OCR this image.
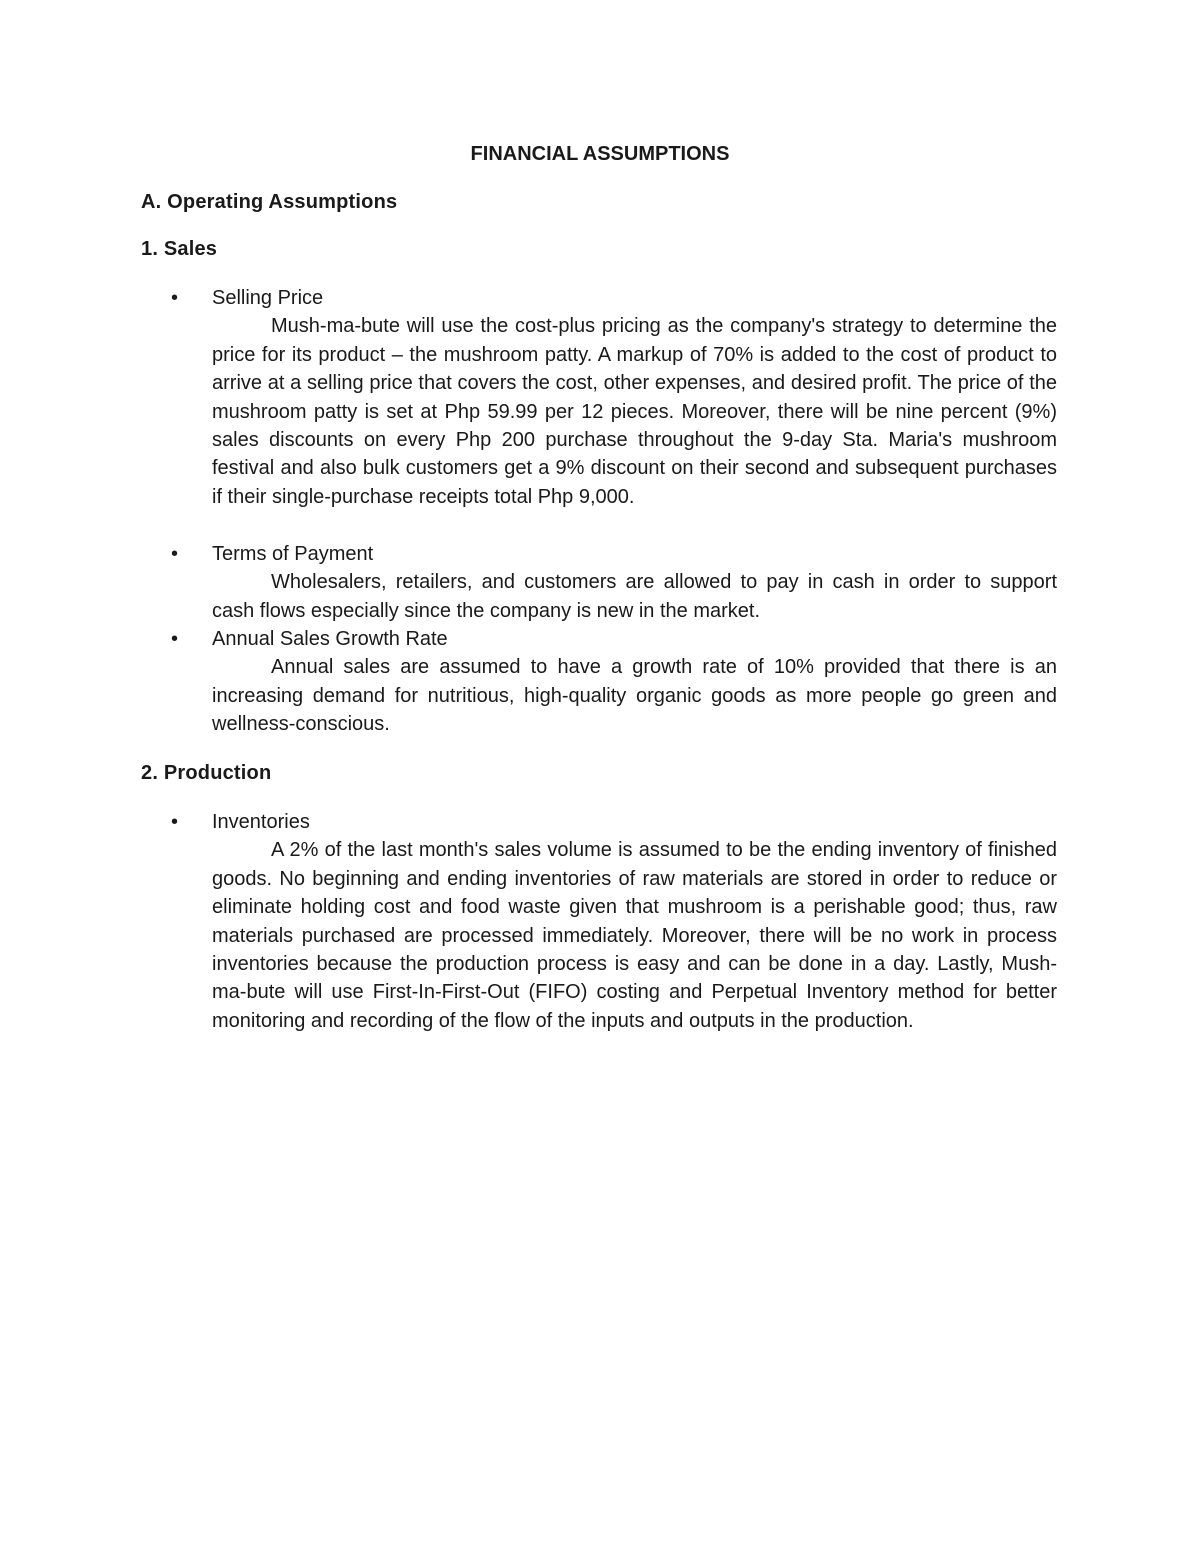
FINANCIAL ASSUMPTIONS
A. Operating Assumptions
1. Sales
•	Selling Price
Mush-ma-bute will use the cost-plus pricing as the company's strategy to determine the price for its product – the mushroom patty. A markup of 70% is added to the cost of product to arrive at a selling price that covers the cost, other expenses, and desired profit. The price of the mushroom patty is set at Php 59.99 per 12 pieces. Moreover, there will be nine percent (9%) sales discounts on every Php 200 purchase throughout the 9-day Sta. Maria's mushroom festival and also bulk customers get a 9% discount on their second and subsequent purchases if their single-purchase receipts total Php 9,000.
•	Terms of Payment
Wholesalers, retailers, and customers are allowed to pay in cash in order to support cash flows especially since the company is new in the market.
•	Annual Sales Growth Rate
Annual sales are assumed to have a growth rate of 10% provided that there is an increasing demand for nutritious, high-quality organic goods as more people go green and wellness-conscious.
2. Production
•	Inventories
A 2% of the last month's sales volume is assumed to be the ending inventory of finished goods. No beginning and ending inventories of raw materials are stored in order to reduce or eliminate holding cost and food waste given that mushroom is a perishable good; thus, raw materials purchased are processed immediately. Moreover, there will be no work in process inventories because the production process is easy and can be done in a day. Lastly, Mush-ma-bute will use First-In-First-Out (FIFO) costing and Perpetual Inventory method for better monitoring and recording of the flow of the inputs and outputs in the production.
